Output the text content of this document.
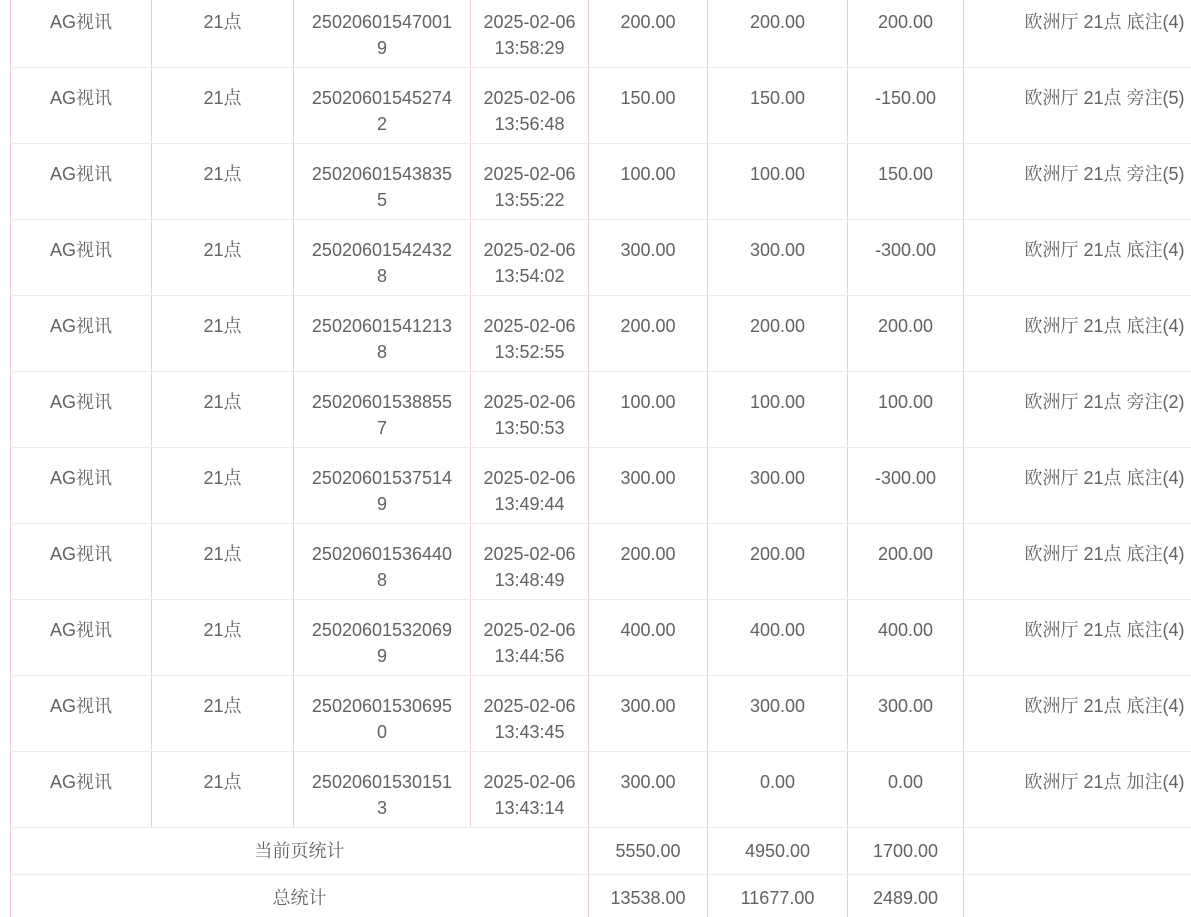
AG视讯	21点	250206015470019	2025-02-06 13:58:29	200.00	200.00	200.00	欧洲厅 21点 底注(4)
AG视讯	21点	250206015452742	2025-02-06 13:56:48	150.00	150.00	-150.00	欧洲厅 21点 旁注(5)
AG视讯	21点	250206015438355	2025-02-06 13:55:22	100.00	100.00	150.00	欧洲厅 21点 旁注(5)
AG视讯	21点	250206015424328	2025-02-06 13:54:02	300.00	300.00	-300.00	欧洲厅 21点 底注(4)
AG视讯	21点	250206015412138	2025-02-06 13:52:55	200.00	200.00	200.00	欧洲厅 21点 底注(4)
AG视讯	21点	250206015388557	2025-02-06 13:50:53	100.00	100.00	100.00	欧洲厅 21点 旁注(2)
AG视讯	21点	250206015375149	2025-02-06 13:49:44	300.00	300.00	-300.00	欧洲厅 21点 底注(4)
AG视讯	21点	250206015364408	2025-02-06 13:48:49	200.00	200.00	200.00	欧洲厅 21点 底注(4)
AG视讯	21点	250206015320699	2025-02-06 13:44:56	400.00	400.00	400.00	欧洲厅 21点 底注(4)
AG视讯	21点	250206015306950	2025-02-06 13:43:45	300.00	300.00	300.00	欧洲厅 21点 底注(4)
AG视讯	21点	250206015301513	2025-02-06 13:43:14	300.00	0.00	0.00	欧洲厅 21点 加注(4)
当前页统计				5550.00	4950.00	1700.00	
总统计				13538.00	11677.00	2489.00	
